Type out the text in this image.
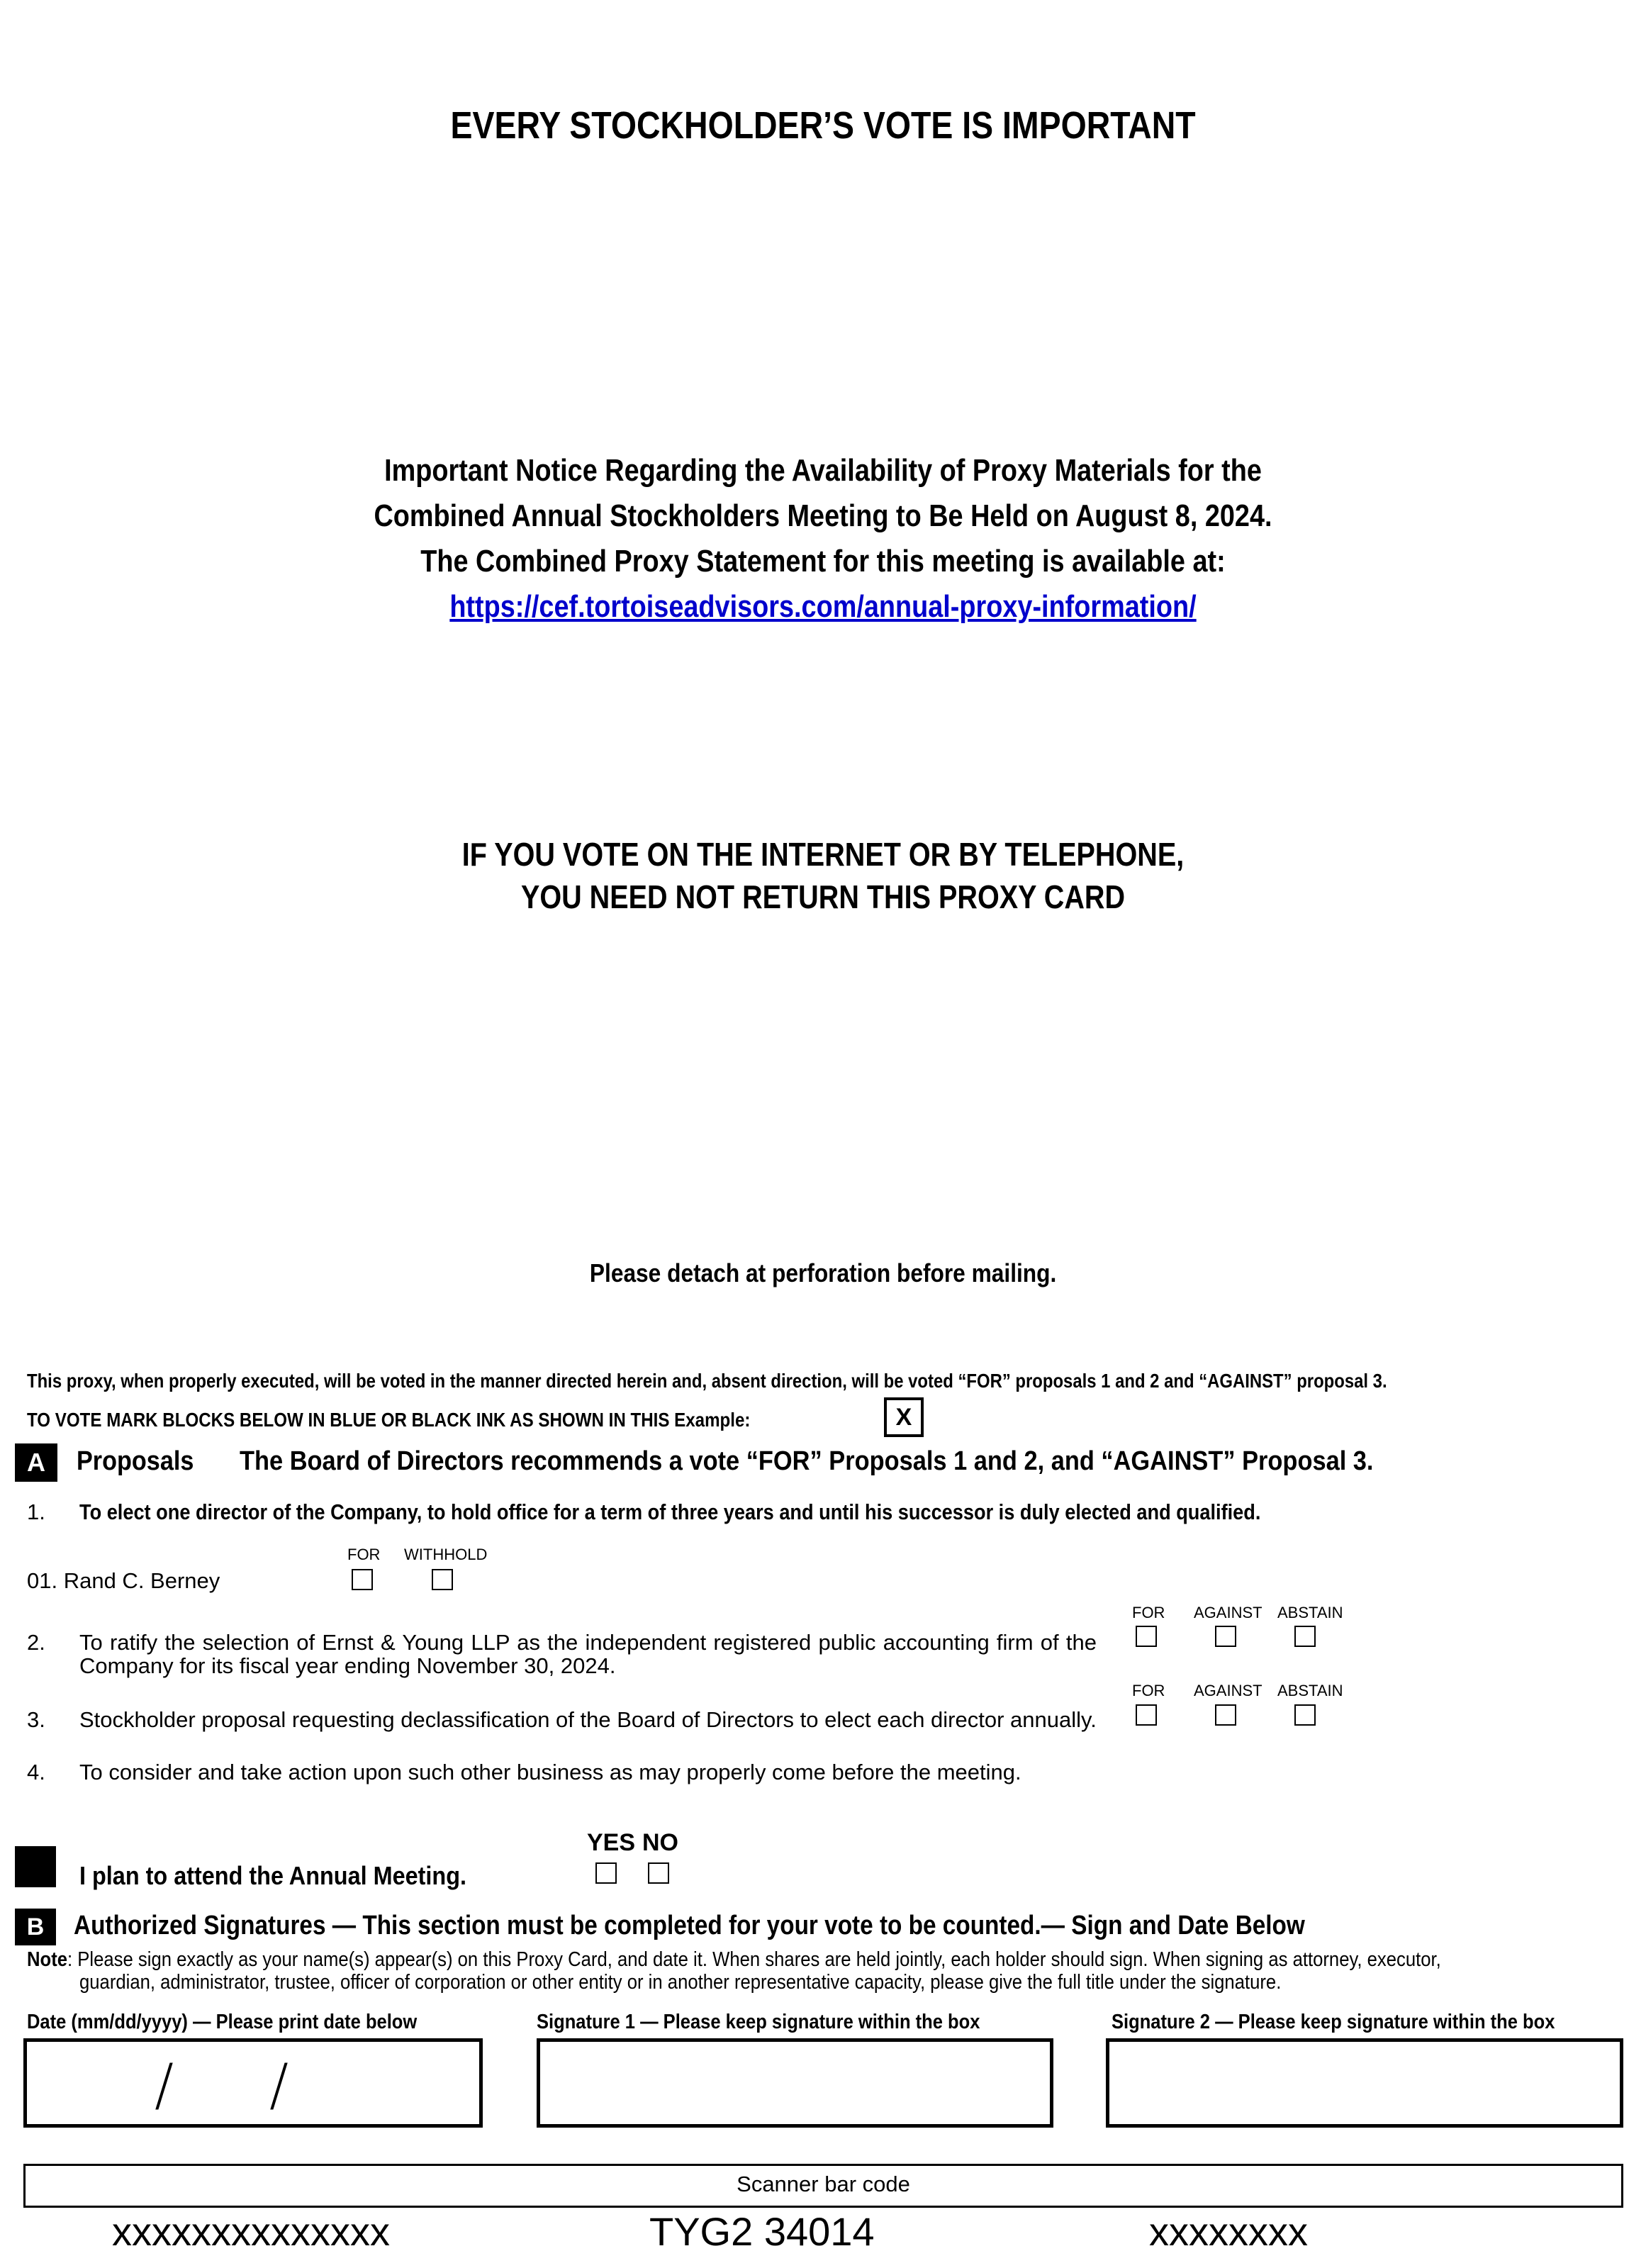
EVERY STOCKHOLDER’S VOTE IS IMPORTANT
Important Notice Regarding the Availability of Proxy Materials for the
Combined Annual Stockholders Meeting to Be Held on August 8, 2024.
The Combined Proxy Statement for this meeting is available at:
https://cef.tortoiseadvisors.com/annual-proxy-information/
IF YOU VOTE ON THE INTERNET OR BY TELEPHONE,
YOU NEED NOT RETURN THIS PROXY CARD
Please detach at perforation before mailing.
This proxy, when properly executed, will be voted in the manner directed herein and, absent direction, will be voted “FOR” proposals 1 and 2 and “AGAINST” proposal 3.
TO VOTE MARK BLOCKS BELOW IN BLUE OR BLACK INK AS SHOWN IN THIS Example:	X
A	Proposals The Board of Directors recommends a vote “FOR” Proposals 1 and 2, and “AGAINST” Proposal 3.
1. To elect one director of the Company, to hold office for a term of three years and until his successor is duly elected and qualified.
FOR WITHHOLD
01. Rand C. Berney
FOR AGAINST ABSTAIN
2. To ratify the selection of Ernst & Young LLP as the independent registered public accounting firm of the
Company for its fiscal year ending November 30, 2024.
FOR AGAINST ABSTAIN
3. Stockholder proposal requesting declassification of the Board of Directors to elect each director annually.
4. To consider and take action upon such other business as may properly come before the meeting.
I plan to attend the Annual Meeting.
YES NO
B	Authorized Signatures — This section must be completed for your vote to be counted.— Sign and Date Below
Note: Please sign exactly as your name(s) appear(s) on this Proxy Card, and date it. When shares are held jointly, each holder should sign. When signing as attorney, executor,
guardian, administrator, trustee, officer of corporation or other entity or in another representative capacity, please give the full title under the signature.
Date (mm/dd/yyyy) — Please print date below	Signature 1 — Please keep signature within the box	Signature 2 — Please keep signature within the box
/ /
Scanner bar code
xxxxxxxxxxxxxx	TYG2 34014	xxxxxxxx
